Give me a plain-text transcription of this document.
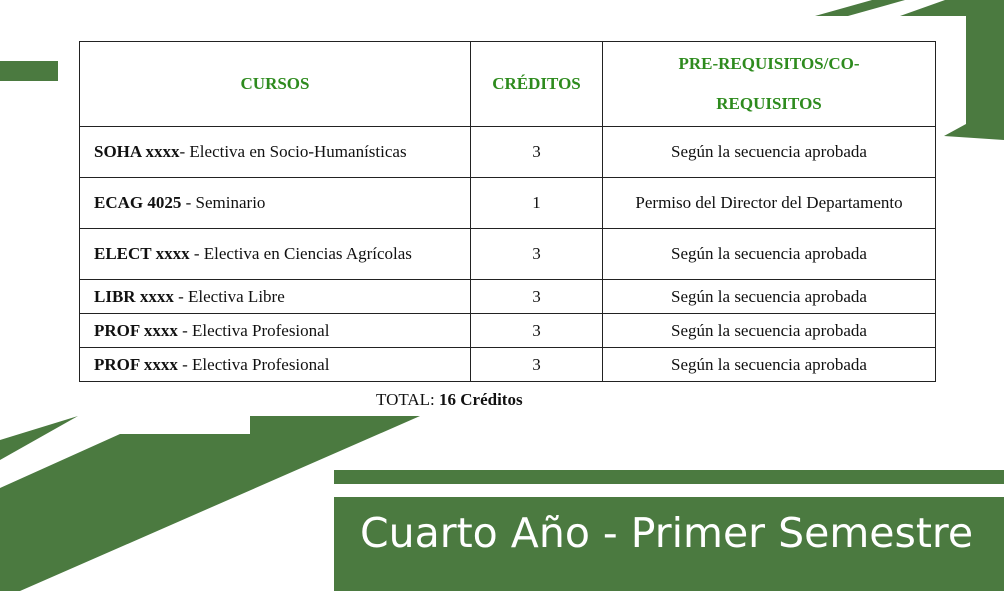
CURSOS	CRÉDITOS	PRE-REQUISITOS/CO-
REQUISITOS

SOHA xxxx- Electiva en Socio-Humanísticas	3	Según la secuencia aprobada
ECAG 4025 - Seminario	1	Permiso del Director del Departamento
ELECT xxxx - Electiva en Ciencias Agrícolas	3	Según la secuencia aprobada
LIBR xxxx - Electiva Libre	3	Según la secuencia aprobada
PROF xxxx - Electiva Profesional	3	Según la secuencia aprobada
PROF xxxx - Electiva Profesional	3	Según la secuencia aprobada
TOTAL: 16 Créditos
Cuarto Año - Primer Semestre
